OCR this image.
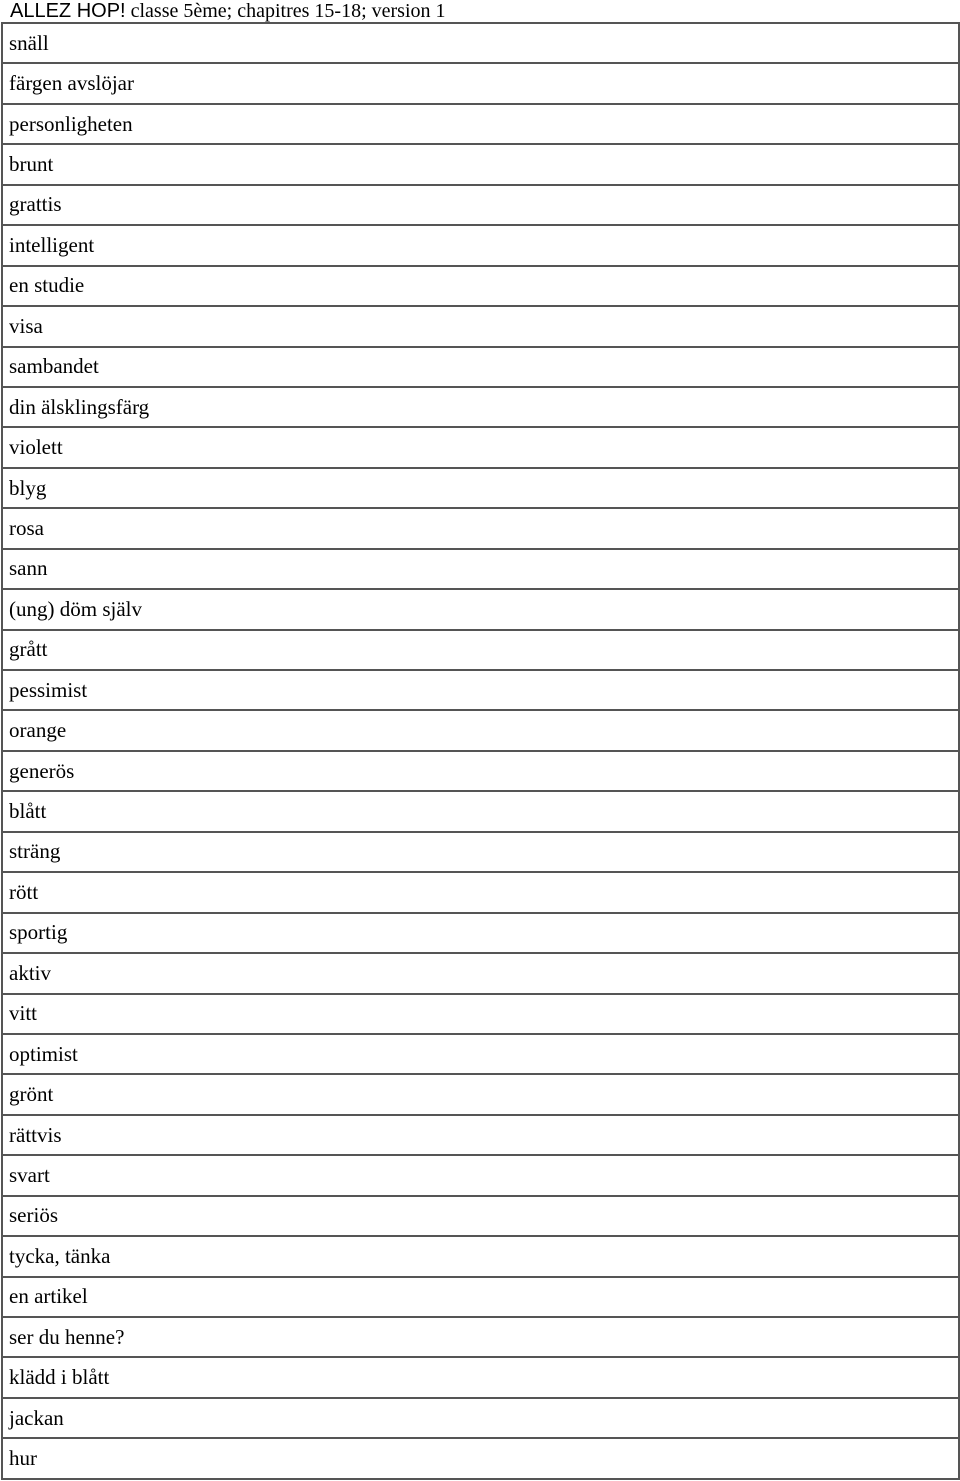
ALLEZ HOP! classe 5ème; chapitres 15-18; version 1
snäll
färgen avslöjar
personligheten
brunt
grattis
intelligent
en studie
visa
sambandet
din älsklingsfärg
violett
blyg
rosa
sann
(ung) döm själv
grått
pessimist
orange
generös
blått
sträng
rött
sportig
aktiv
vitt
optimist
grönt
rättvis
svart
seriös
tycka, tänka
en artikel
ser du henne?
klädd i blått
jackan
hur
